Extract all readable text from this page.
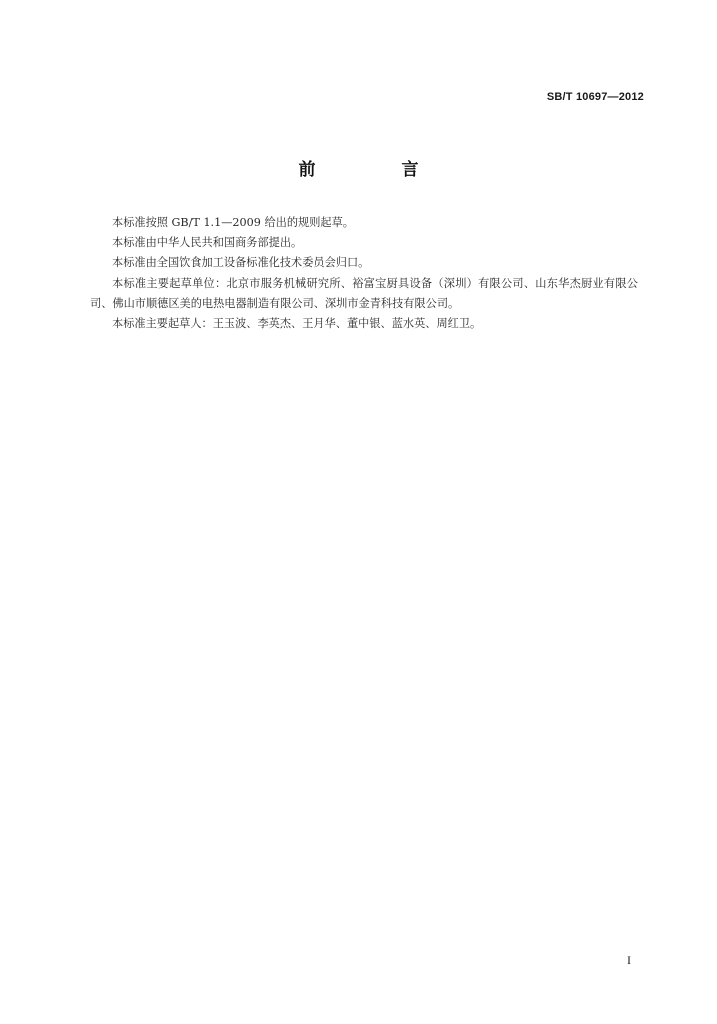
SB/T 10697—2012
前 言

本标准按照 GB/T 1.1—2009 给出的规则起草。

本标准由中华人民共和国商务部提出。

本标准由全国饮食加工设备标准化技术委员会归口。

本标准主要起草单位：北京市服务机械研究所、裕富宝厨具设备（深圳）有限公司、山东华杰厨业有限公司、佛山市顺德区美的电热电器制造有限公司、深圳市金青科技有限公司。

本标准主要起草人：王玉波、李英杰、王月华、董中银、蓝水英、周红卫。

I
